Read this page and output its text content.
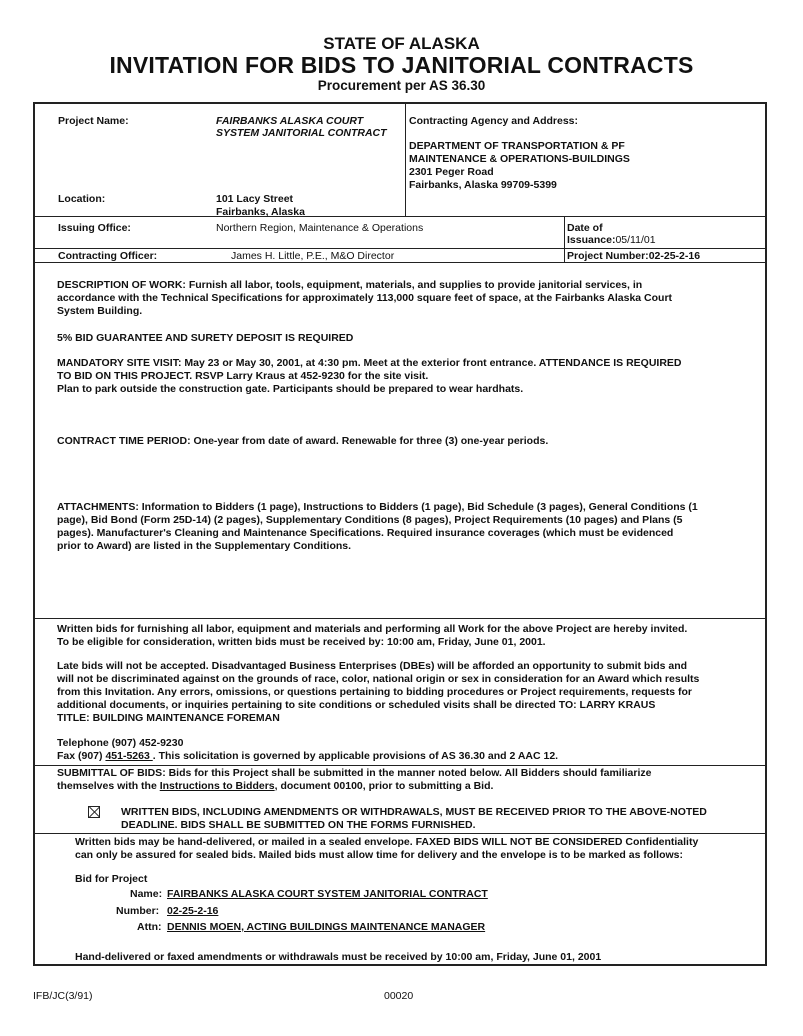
STATE OF ALASKA
INVITATION FOR BIDS TO JANITORIAL CONTRACTS
Procurement per AS 36.30
Project Name:	FAIRBANKS ALASKA COURT
SYSTEM JANITORIAL CONTRACT
Location:	101 Lacy Street
Fairbanks, Alaska
Contracting Agency and Address:
DEPARTMENT OF TRANSPORTATION & PF
MAINTENANCE & OPERATIONS-BUILDINGS
2301 Peger Road
Fairbanks, Alaska 99709-5399
Issuing Office:	Northern Region, Maintenance & Operations	Date of
Issuance:05/11/01
Contracting Officer:	James H. Little, P.E., M&O Director	Project Number:02-25-2-16
DESCRIPTION OF WORK: Furnish all labor, tools, equipment, materials, and supplies to provide janitorial services, in
accordance with the Technical Specifications for approximately 113,000 square feet of space, at the Fairbanks Alaska Court
System Building.
5% BID GUARANTEE AND SURETY DEPOSIT IS REQUIRED
MANDATORY SITE VISIT: May 23 or May 30, 2001, at 4:30 pm. Meet at the exterior front entrance. ATTENDANCE IS REQUIRED
TO BID ON THIS PROJECT. RSVP Larry Kraus at 452-9230 for the site visit.
Plan to park outside the construction gate. Participants should be prepared to wear hardhats.
CONTRACT TIME PERIOD: One-year from date of award. Renewable for three (3) one-year periods.
ATTACHMENTS: Information to Bidders (1 page), Instructions to Bidders (1 page), Bid Schedule (3 pages), General Conditions (1
page), Bid Bond (Form 25D-14) (2 pages), Supplementary Conditions (8 pages), Project Requirements (10 pages) and Plans (5
pages). Manufacturer's Cleaning and Maintenance Specifications. Required insurance coverages (which must be evidenced
prior to Award) are listed in the Supplementary Conditions.
Written bids for furnishing all labor, equipment and materials and performing all Work for the above Project are hereby invited.
To be eligible for consideration, written bids must be received by: 10:00 am, Friday, June 01, 2001.
Late bids will not be accepted. Disadvantaged Business Enterprises (DBEs) will be afforded an opportunity to submit bids and
will not be discriminated against on the grounds of race, color, national origin or sex in consideration for an Award which results
from this Invitation. Any errors, omissions, or questions pertaining to bidding procedures or Project requirements, requests for
additional documents, or inquiries pertaining to site conditions or scheduled visits shall be directed TO: LARRY KRAUS
TITLE: BUILDING MAINTENANCE FOREMAN
Telephone (907) 452-9230
Fax (907) 451-5263 . This solicitation is governed by applicable provisions of AS 36.30 and 2 AAC 12.
SUBMITTAL OF BIDS: Bids for this Project shall be submitted in the manner noted below. All Bidders should familiarize
themselves with the Instructions to Bidders, document 00100, prior to submitting a Bid.
WRITTEN BIDS, INCLUDING AMENDMENTS OR WITHDRAWALS, MUST BE RECEIVED PRIOR TO THE ABOVE-NOTED
DEADLINE. BIDS SHALL BE SUBMITTED ON THE FORMS FURNISHED.
Written bids may be hand-delivered, or mailed in a sealed envelope. FAXED BIDS WILL NOT BE CONSIDERED Confidentiality
can only be assured for sealed bids. Mailed bids must allow time for delivery and the envelope is to be marked as follows:
Bid for Project
Name: FAIRBANKS ALASKA COURT SYSTEM JANITORIAL CONTRACT
Number: 02-25-2-16
Attn: DENNIS MOEN, ACTING BUILDINGS MAINTENANCE MANAGER
Hand-delivered or faxed amendments or withdrawals must be received by 10:00 am, Friday, June 01, 2001
IFB/JC(3/91)	00020
